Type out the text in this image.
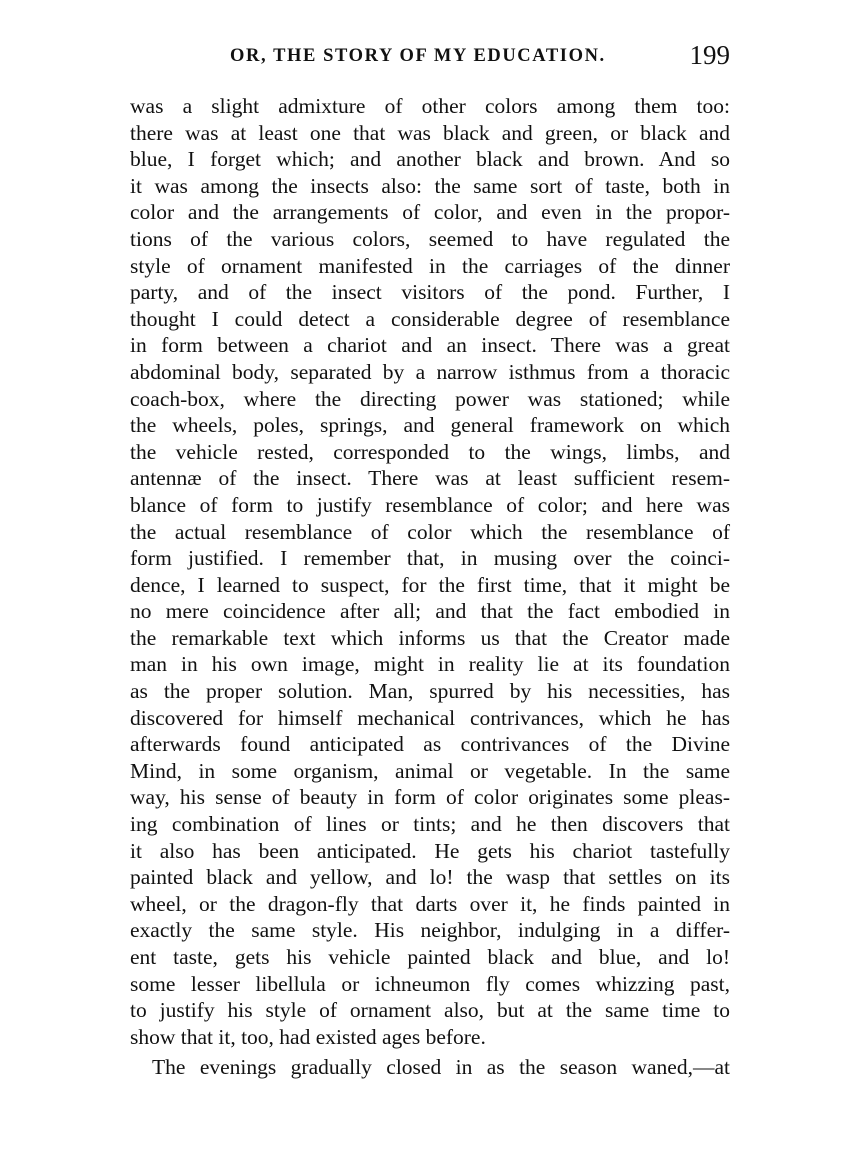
OR, THE STORY OF MY EDUCATION.	199
was a slight admixture of other colors among them too:
there was at least one that was black and green, or black and
blue, I forget which; and another black and brown. And so
it was among the insects also: the same sort of taste, both in
color and the arrangements of color, and even in the propor-
tions of the various colors, seemed to have regulated the
style of ornament manifested in the carriages of the dinner
party, and of the insect visitors of the pond. Further, I
thought I could detect a considerable degree of resemblance
in form between a chariot and an insect. There was a great
abdominal body, separated by a narrow isthmus from a thoracic
coach-box, where the directing power was stationed; while
the wheels, poles, springs, and general framework on which
the vehicle rested, corresponded to the wings, limbs, and
antennæ of the insect. There was at least sufficient resem-
blance of form to justify resemblance of color; and here was
the actual resemblance of color which the resemblance of
form justified. I remember that, in musing over the coinci-
dence, I learned to suspect, for the first time, that it might be
no mere coincidence after all; and that the fact embodied in
the remarkable text which informs us that the Creator made
man in his own image, might in reality lie at its foundation
as the proper solution. Man, spurred by his necessities, has
discovered for himself mechanical contrivances, which he has
afterwards found anticipated as contrivances of the Divine
Mind, in some organism, animal or vegetable. In the same
way, his sense of beauty in form of color originates some pleas-
ing combination of lines or tints; and he then discovers that
it also has been anticipated. He gets his chariot tastefully
painted black and yellow, and lo! the wasp that settles on its
wheel, or the dragon-fly that darts over it, he finds painted in
exactly the same style. His neighbor, indulging in a differ-
ent taste, gets his vehicle painted black and blue, and lo!
some lesser libellula or ichneumon fly comes whizzing past,
to justify his style of ornament also, but at the same time to
show that it, too, had existed ages before.
The evenings gradually closed in as the season waned,—at
